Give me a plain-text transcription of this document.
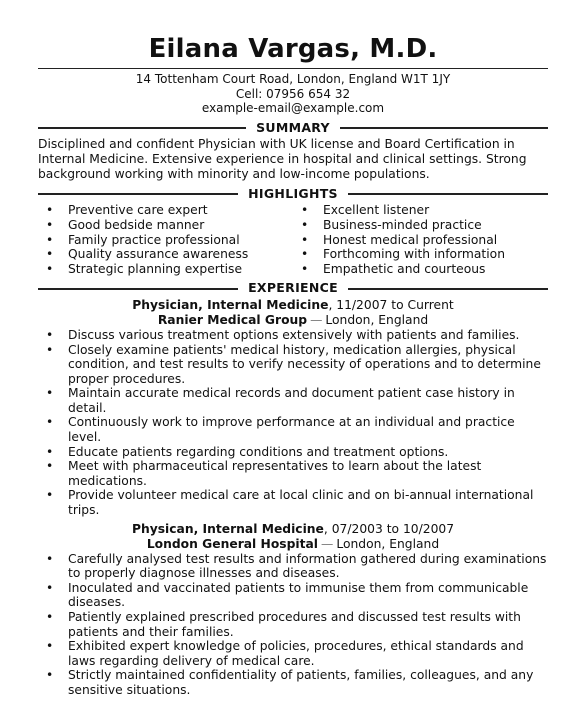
Eilana Vargas, M.D.
14 Tottenham Court Road, London, England W1T 1JY
Cell: 07956 654 32
example-email@example.com
SUMMARY
Disciplined and confident Physician with UK license and Board Certification in Internal Medicine. Extensive experience in hospital and clinical settings. Strong background working with minority and low-income populations.
HIGHLIGHTS
• Preventive care expert
• Good bedside manner
• Family practice professional
• Quality assurance awareness
• Strategic planning expertise
• Excellent listener
• Business-minded practice
• Honest medical professional
• Forthcoming with information
• Empathetic and courteous
EXPERIENCE
Physician, Internal Medicine, 11/2007 to Current
Ranier Medical Group — London, England
• Discuss various treatment options extensively with patients and families.
• Closely examine patients' medical history, medication allergies, physical condition, and test results to verify necessity of operations and to determine proper procedures.
• Maintain accurate medical records and document patient case history in detail.
• Continuously work to improve performance at an individual and practice level.
• Educate patients regarding conditions and treatment options.
• Meet with pharmaceutical representatives to learn about the latest medications.
• Provide volunteer medical care at local clinic and on bi-annual international trips.
Physican, Internal Medicine, 07/2003 to 10/2007
London General Hospital — London, England
• Carefully analysed test results and information gathered during examinations to properly diagnose illnesses and diseases.
• Inoculated and vaccinated patients to immunise them from communicable diseases.
• Patiently explained prescribed procedures and discussed test results with patients and their families.
• Exhibited expert knowledge of policies, procedures, ethical standards and laws regarding delivery of medical care.
• Strictly maintained confidentiality of patients, families, colleagues, and any sensitive situations.
